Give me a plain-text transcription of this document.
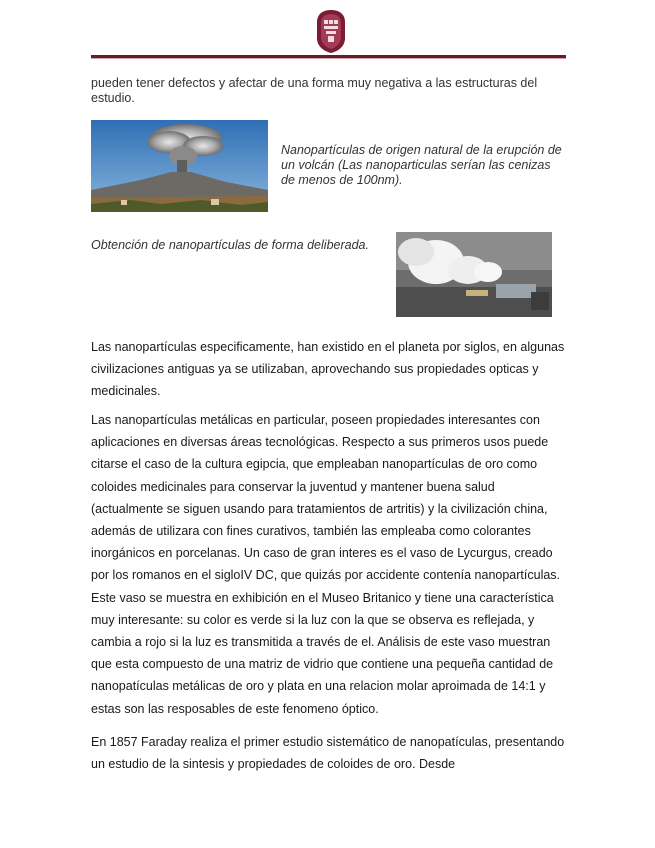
pueden tener defectos y afectar de una forma muy negativa a las estructuras del estudio.
Nanopartículas de origen natural de la erupción de un volcán (Las nanoparticulas serían las cenizas de menos de 100nm).
Obtención de nanopartículas de forma deliberada.

Las nanopartículas especificamente, han existido en el planeta por siglos, en algunas civilizaciones antiguas ya se utilizaban, aprovechando sus propiedades opticas y medicinales.

Las nanopartículas metálicas en particular, poseen propiedades interesantes con aplicaciones en diversas áreas tecnológicas. Respecto a sus primeros usos puede citarse el caso de la cultura egipcia, que empleaban nanopartículas de oro como coloides medicinales para conservar la juventud y mantener buena salud (actualmente se siguen usando para tratamientos de artritis) y la civilización china, además de utilizara con fines curativos, también las empleaba como colorantes inorgánicos en porcelanas. Un caso de gran interes es el vaso de Lycurgus, creado por los romanos en el sigloIV DC, que quizás por accidente contenía nanopartículas. Este vaso se muestra en exhibición en el Museo Britanico y tiene una característica muy interesante: su color es verde si la luz con la que se observa es reflejada, y cambia a rojo si la luz es transmitida a través de el. Análisis de este vaso muestran que esta compuesto de una matriz de vidrio que contiene una pequeña cantidad de nanopatículas metálicas de oro y plata en una relacion molar aproimada de 14:1 y estas son las resposables de este fenomeno óptico.

En 1857 Faraday realiza el primer estudio sistemático de nanopatículas, presentando un estudio de la sintesis y propiedades de coloides de oro. Desde
